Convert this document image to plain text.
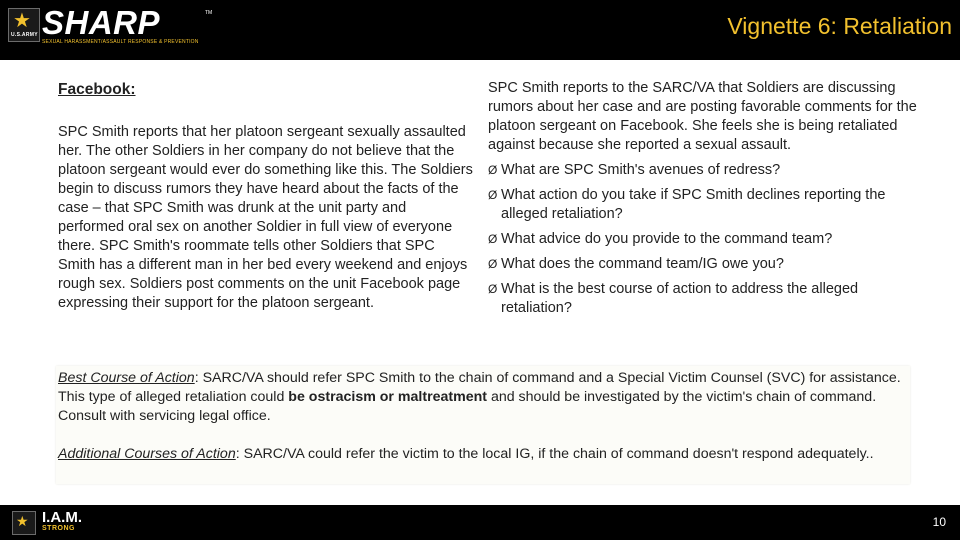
★
U.S.ARMY SHARP	TM
SEXUAL HARASSMENT/ASSAULT RESPONSE & PREVENTION
Vignette 6: Retaliation
Facebook:
SPC Smith reports that her platoon sergeant sexually assaulted her. The other Soldiers in her company do not believe that the platoon sergeant would ever do something like this. The Soldiers begin to discuss rumors they have heard about the facts of the case – that SPC Smith was drunk at the unit party and performed oral sex on another Soldier in full view of everyone there. SPC Smith's roommate tells other Soldiers that SPC Smith has a different man in her bed every weekend and enjoys rough sex. Soldiers post comments on the unit Facebook page expressing their support for the platoon sergeant.

SPC Smith reports to the SARC/VA that Soldiers are discussing rumors about her case and are posting favorable comments for the platoon sergeant on Facebook. She feels she is being retaliated against because she reported a sexual assault.

Ø What are SPC Smith's avenues of redress?
Ø What action do you take if SPC Smith declines reporting the alleged retaliation?
Ø What advice do you provide to the command team?
Ø What does the command team/IG owe you?
Ø What is the best course of action to address the alleged retaliation?
Best Course of Action: SARC/VA should refer SPC Smith to the chain of command and a Special Victim Counsel (SVC) for assistance. This type of alleged retaliation could be ostracism or maltreatment and should be investigated by the victim's chain of command. Consult with servicing legal office.
Additional Courses of Action: SARC/VA could refer the victim to the local IG, if the chain of command doesn't respond adequately..
★ I.A.M.
STRONG	10
